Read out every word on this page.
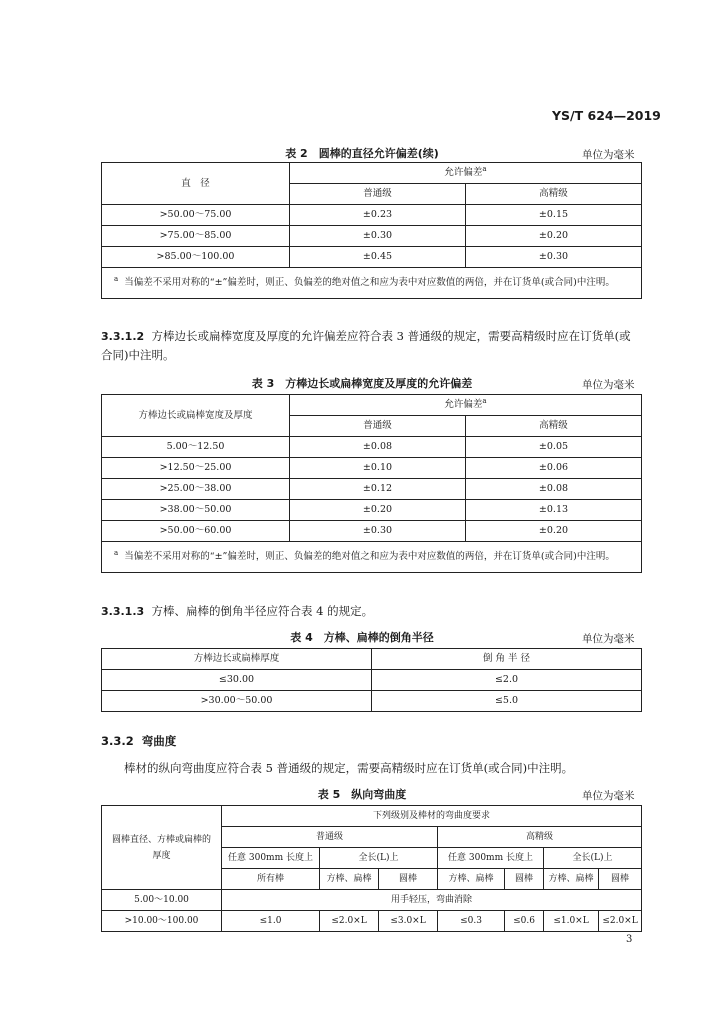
YS/T 624—2019
表 2　圆棒的直径允许偏差(续)	单位为毫米
直　径	允许偏差$^a$
	普通级	高精级
>50.00～75.00	±0.23	±0.15
>75.00～85.00	±0.30	±0.20
>85.00～100.00	±0.45	±0.30
$^a$ 当偏差不采用对称的“±”偏差时，则正、负偏差的绝对值之和应为表中对应数值的两倍，并在订货单(或合同)中注明。		
3.3.1.2 方棒边长或扁棒宽度及厚度的允许偏差应符合表 3 普通级的规定，需要高精级时应在订货单(或合同)中注明。
表 3　方棒边长或扁棒宽度及厚度的允许偏差	单位为毫米
方棒边长或扁棒宽度及厚度	允许偏差$^a$
	普通级	高精级
5.00～12.50	±0.08	±0.05
>12.50～25.00	±0.10	±0.06
>25.00～38.00	±0.12	±0.08
>38.00～50.00	±0.20	±0.13
>50.00～60.00	±0.30	±0.20
$^a$ 当偏差不采用对称的“±”偏差时，则正、负偏差的绝对值之和应为表中对应数值的两倍，并在订货单(或合同)中注明。		
3.3.1.3 方棒、扁棒的倒角半径应符合表 4 的规定。
表 4　方棒、扁棒的倒角半径	单位为毫米
方棒边长或扁棒厚度	倒 角 半 径
≤30.00	≤2.0
>30.00～50.00	≤5.0
3.3.2 弯曲度
棒材的纵向弯曲度应符合表 5 普通级的规定，需要高精级时应在订货单(或合同)中注明。
表 5　纵向弯曲度	单位为毫米
圆棒直径、方棒或扁棒的厚度	下列级别及棒材的弯曲度要求						
	普通级			高精级			
	任意 300mm 长度上	全长(L)上		任意 300mm 长度上		全长(L)上	
	所有棒	方棒、扁棒	圆棒	方棒、扁棒	圆棒	方棒、扁棒	圆棒
5.00～10.00	用手轻压，弯曲消除						
>10.00～100.00	≤1.0	≤2.0×L	≤3.0×L	≤0.3	≤0.6	≤1.0×L	≤2.0×L
3
